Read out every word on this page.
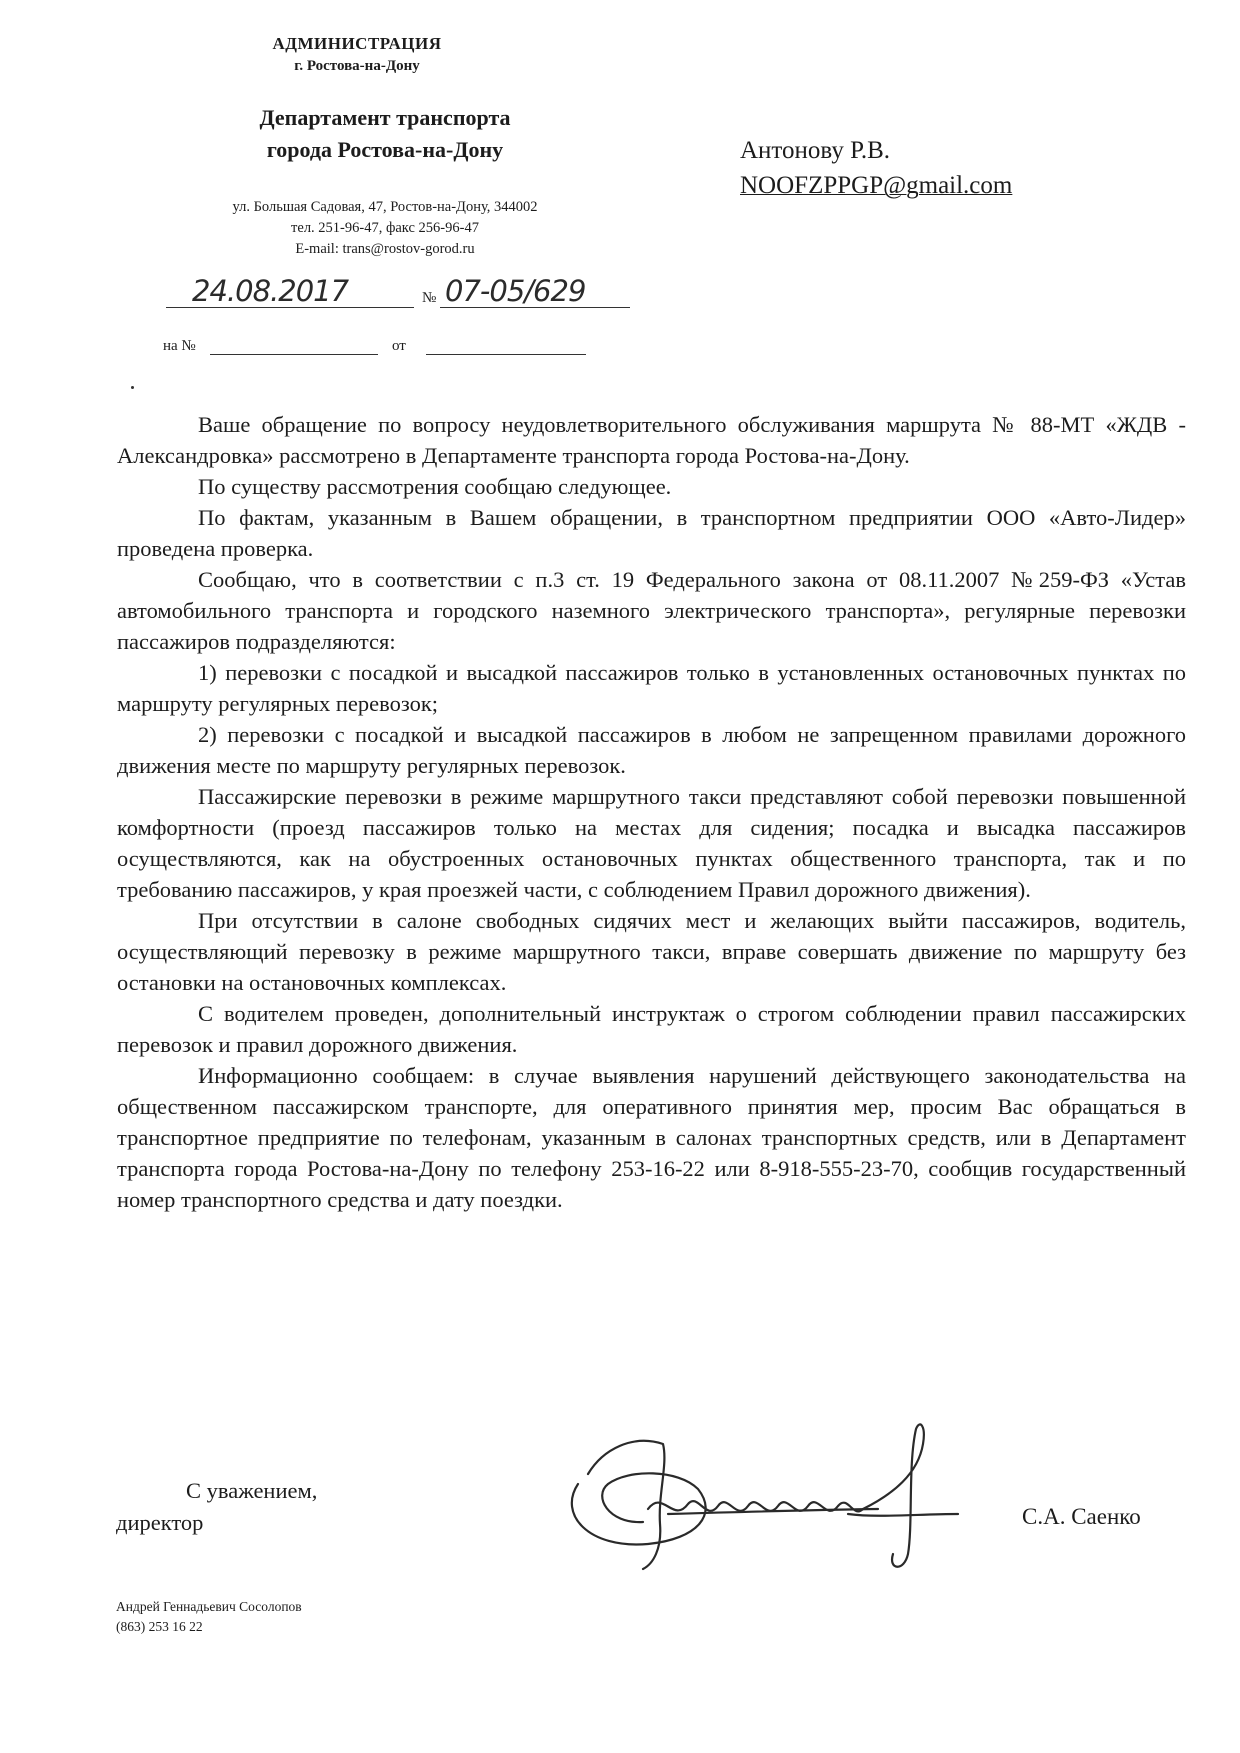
АДМИНИСТРАЦИЯ
г. Ростова-на-Дону
Департамент транспорта
города Ростова-на-Дону
ул. Большая Садовая, 47, Ростов-на-Дону, 344002
тел. 251-96-47, факс 256-96-47
E-mail: trans@rostov-gorod.ru
Антонову Р.В.
NOOFZPPGP@gmail.com
24.08.2017	№ 07-05/629
на №	от

Ваше обращение по вопросу неудовлетворительного обслуживания маршрута № 88-МТ «ЖДВ - Александровка» рассмотрено в Департаменте транспорта города Ростова-на-Дону.

По существу рассмотрения сообщаю следующее.

По фактам, указанным в Вашем обращении, в транспортном предприятии ООО «Авто-Лидер» проведена проверка.

Сообщаю, что в соответствии с п.3 ст. 19 Федерального закона от 08.11.2007 №259-ФЗ «Устав автомобильного транспорта и городского наземного электрического транспорта», регулярные перевозки пассажиров подразделяются:

1) перевозки с посадкой и высадкой пассажиров только в установленных остановочных пунктах по маршруту регулярных перевозок;

2) перевозки с посадкой и высадкой пассажиров в любом не запрещенном правилами дорожного движения месте по маршруту регулярных перевозок.

Пассажирские перевозки в режиме маршрутного такси представляют собой перевозки повышенной комфортности (проезд пассажиров только на местах для сидения; посадка и высадка пассажиров осуществляются, как на обустроенных остановочных пунктах общественного транспорта, так и по требованию пассажиров, у края проезжей части, с соблюдением Правил дорожного движения).

При отсутствии в салоне свободных сидячих мест и желающих выйти пассажиров, водитель, осуществляющий перевозку в режиме маршрутного такси, вправе совершать движение по маршруту без остановки на остановочных комплексах.

С водителем проведен, дополнительный инструктаж о строгом соблюдении правил пассажирских перевозок и правил дорожного движения.

Информационно сообщаем: в случае выявления нарушений действующего законодательства на общественном пассажирском транспорте, для оперативного принятия мер, просим Вас обращаться в транспортное предприятие по телефонам, указанным в салонах транспортных средств, или в Департамент транспорта города Ростова-на-Дону по телефону 253-16-22 или 8-918-555-23-70, сообщив государственный номер транспортного средства и дату поездки.

С уважением,
директор	С.А. Саенко
Андрей Геннадьевич Сосолопов
(863) 253 16 22
